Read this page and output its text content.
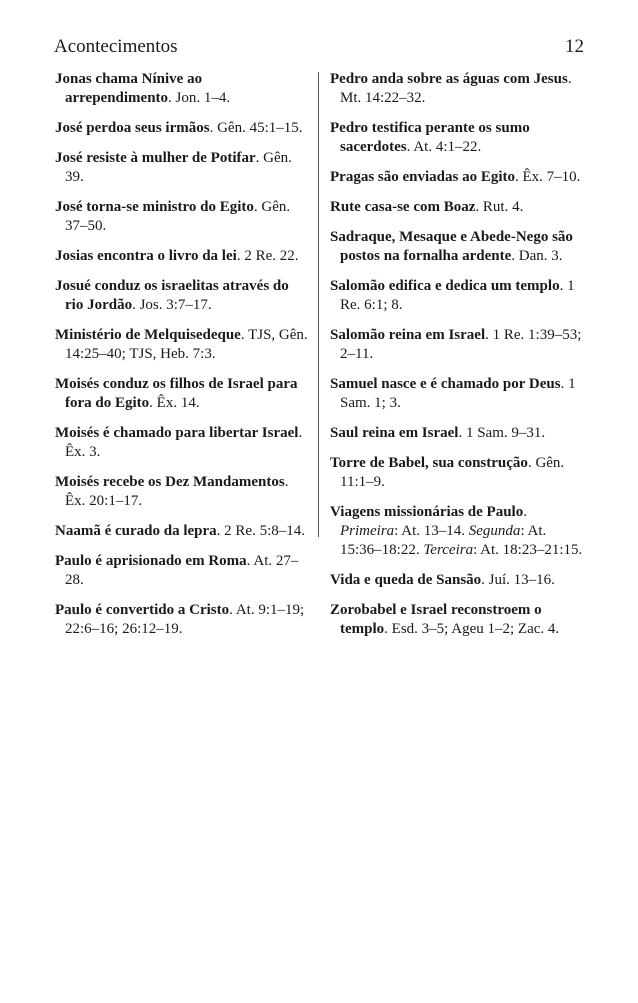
Acontecimentos	12

Jonas chama Nínive ao arrependimento. Jon. 1–4.

José perdoa seus irmãos. Gên. 45:1–15.

José resiste à mulher de Potifar. Gên. 39.

José torna-se ministro do Egito. Gên. 37–50.

Josias encontra o livro da lei. 2 Re. 22.

Josué conduz os israelitas através do rio Jordão. Jos. 3:7–17.

Ministério de Melquisedeque. TJS, Gên. 14:25–40; TJS, Heb. 7:3.

Moisés conduz os filhos de Israel para fora do Egito. Êx. 14.

Moisés é chamado para libertar Israel. Êx. 3.

Moisés recebe os Dez Mandamentos. Êx. 20:1–17.

Naamã é curado da lepra. 2 Re. 5:8–14.

Paulo é aprisionado em Roma. At. 27–28.

Paulo é convertido a Cristo. At. 9:1–19; 22:6–16; 26:12–19.

Pedro anda sobre as águas com Jesus. Mt. 14:22–32.

Pedro testifica perante os sumo sacerdotes. At. 4:1–22.

Pragas são enviadas ao Egito. Êx. 7–10.

Rute casa-se com Boaz. Rut. 4.

Sadraque, Mesaque e Abede-Nego são postos na fornalha ardente. Dan. 3.

Salomão edifica e dedica um templo. 1 Re. 6:1; 8.

Salomão reina em Israel. 1 Re. 1:39–53; 2–11.

Samuel nasce e é chamado por Deus. 1 Sam. 1; 3.

Saul reina em Israel. 1 Sam. 9–31.

Torre de Babel, sua construção. Gên. 11:1–9.

Viagens missionárias de Paulo. Primeira: At. 13–14. Segunda: At. 15:36–18:22. Terceira: At. 18:23–21:15.

Vida e queda de Sansão. Juí. 13–16.

Zorobabel e Israel reconstroem o templo. Esd. 3–5; Ageu 1–2; Zac. 4.
